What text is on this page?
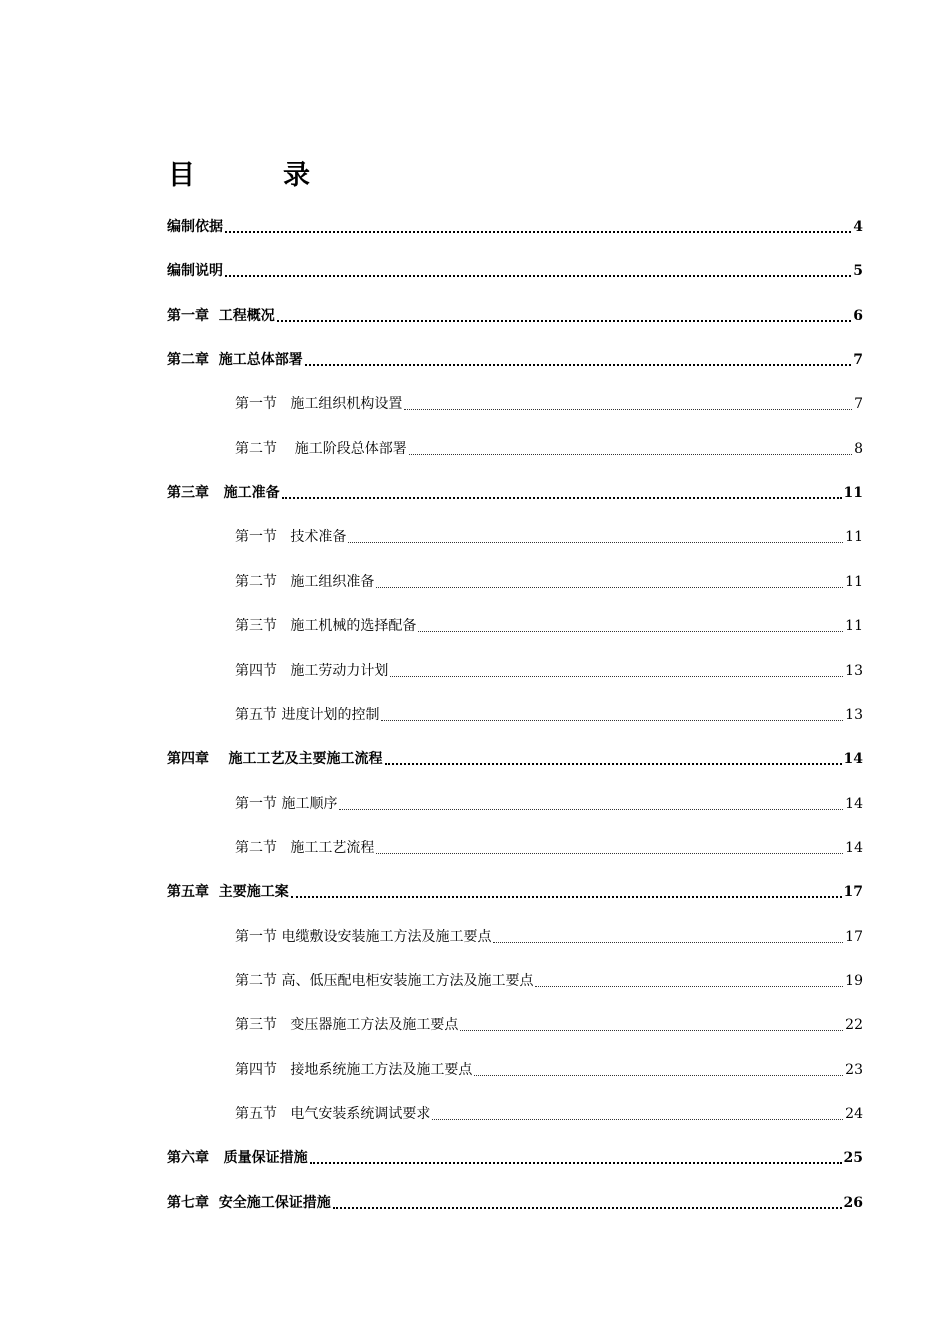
目	录
编制依据	4
编制说明	5
第一章  工程概况	6
第二章  施工总体部署	7
第一节   施工组织机构设置	7
第二节    施工阶段总体部署	8
第三章   施工准备	11
第一节   技术准备	11
第二节   施工组织准备	11
第三节   施工机械的选择配备	11
第四节   施工劳动力计划	13
第五节 进度计划的控制	13
第四章    施工工艺及主要施工流程	14
第一节 施工顺序	14
第二节   施工工艺流程	14
第五章  主要施工案	17
第一节 电缆敷设安装施工方法及施工要点	17
第二节 高、低压配电柜安装施工方法及施工要点	19
第三节   变压器施工方法及施工要点	22
第四节   接地系统施工方法及施工要点	23
第五节   电气安装系统调试要求	24
第六章   质量保证措施	25
第七章  安全施工保证措施	26
